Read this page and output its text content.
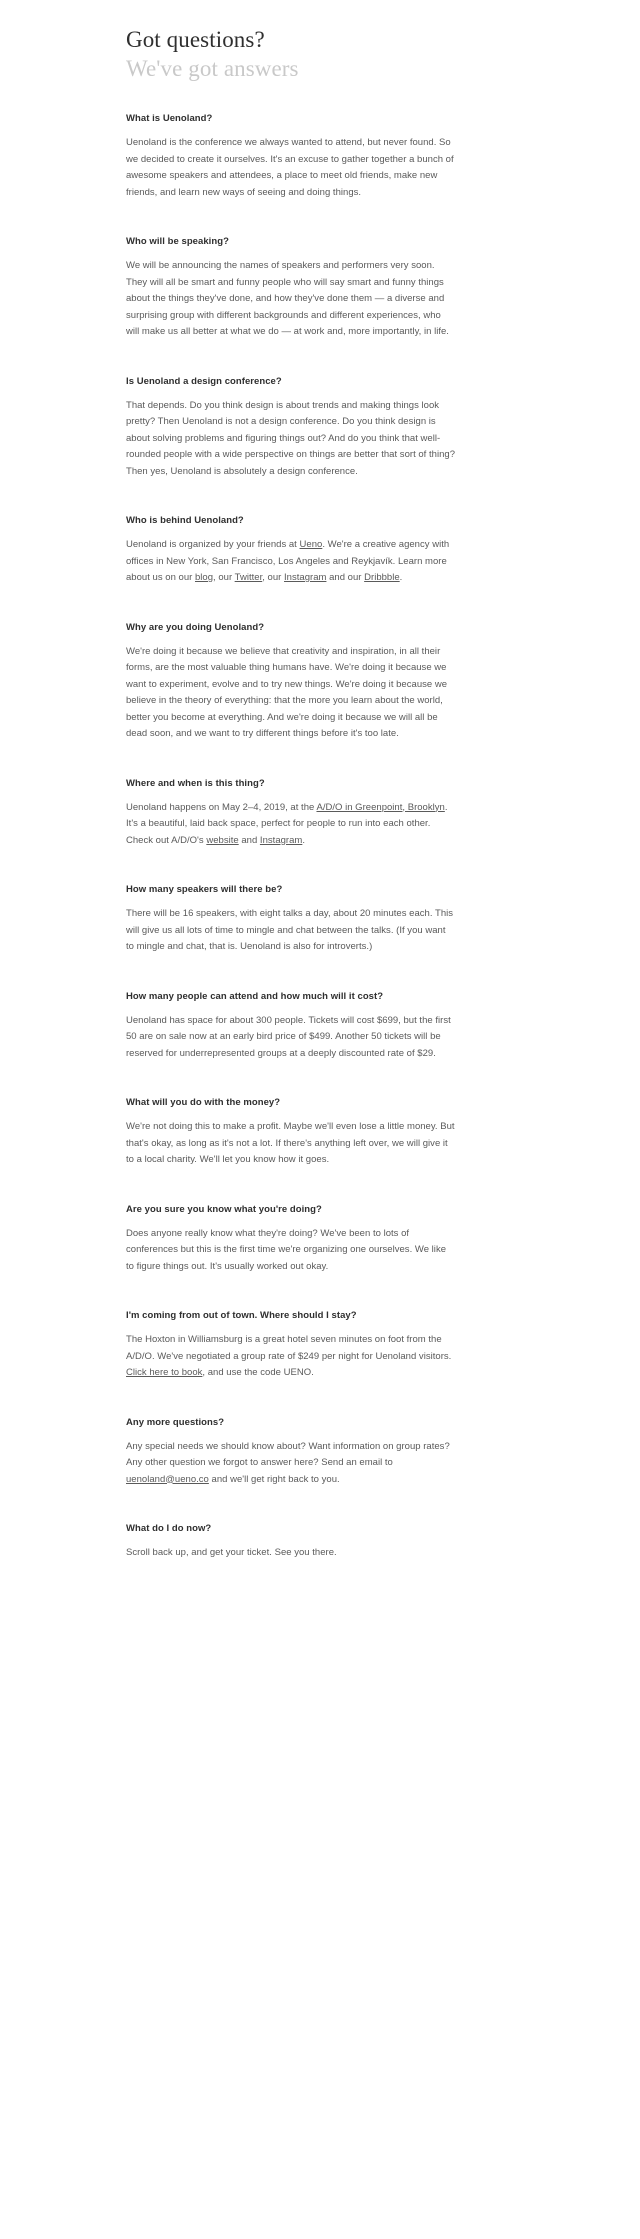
Got questions?
We've got answers
What is Uenoland?
Uenoland is the conference we always wanted to attend, but never found. So we decided to create it ourselves. It's an excuse to gather together a bunch of awesome speakers and attendees, a place to meet old friends, make new friends, and learn new ways of seeing and doing things.
Who will be speaking?
We will be announcing the names of speakers and performers very soon. They will all be smart and funny people who will say smart and funny things about the things they've done, and how they've done them — a diverse and surprising group with different backgrounds and different experiences, who will make us all better at what we do — at work and, more importantly, in life.
Is Uenoland a design conference?
That depends. Do you think design is about trends and making things look pretty? Then Uenoland is not a design conference. Do you think design is about solving problems and figuring things out? And do you think that well-rounded people with a wide perspective on things are better that sort of thing? Then yes, Uenoland is absolutely a design conference.
Who is behind Uenoland?
Uenoland is organized by your friends at Ueno. We're a creative agency with offices in New York, San Francisco, Los Angeles and Reykjavík. Learn more about us on our blog, our Twitter, our Instagram and our Dribbble.
Why are you doing Uenoland?
We're doing it because we believe that creativity and inspiration, in all their forms, are the most valuable thing humans have. We're doing it because we want to experiment, evolve and to try new things. We're doing it because we believe in the theory of everything: that the more you learn about the world, better you become at everything. And we're doing it because we will all be dead soon, and we want to try different things before it's too late.
Where and when is this thing?
Uenoland happens on May 2–4, 2019, at the A/D/O in Greenpoint, Brooklyn. It's a beautiful, laid back space, perfect for people to run into each other. Check out A/D/O's website and Instagram.
How many speakers will there be?
There will be 16 speakers, with eight talks a day, about 20 minutes each. This will give us all lots of time to mingle and chat between the talks. (If you want to mingle and chat, that is. Uenoland is also for introverts.)
How many people can attend and how much will it cost?
Uenoland has space for about 300 people. Tickets will cost $699, but the first 50 are on sale now at an early bird price of $499. Another 50 tickets will be reserved for underrepresented groups at a deeply discounted rate of $29.
What will you do with the money?
We're not doing this to make a profit. Maybe we'll even lose a little money. But that's okay, as long as it's not a lot. If there's anything left over, we will give it to a local charity. We'll let you know how it goes.
Are you sure you know what you're doing?
Does anyone really know what they're doing? We've been to lots of conferences but this is the first time we're organizing one ourselves. We like to figure things out. It's usually worked out okay.
I'm coming from out of town. Where should I stay?
The Hoxton in Williamsburg is a great hotel seven minutes on foot from the A/D/O. We've negotiated a group rate of $249 per night for Uenoland visitors. Click here to book, and use the code UENO.
Any more questions?
Any special needs we should know about? Want information on group rates? Any other question we forgot to answer here? Send an email to uenoland@ueno.co and we'll get right back to you.
What do I do now?
Scroll back up, and get your ticket. See you there.
